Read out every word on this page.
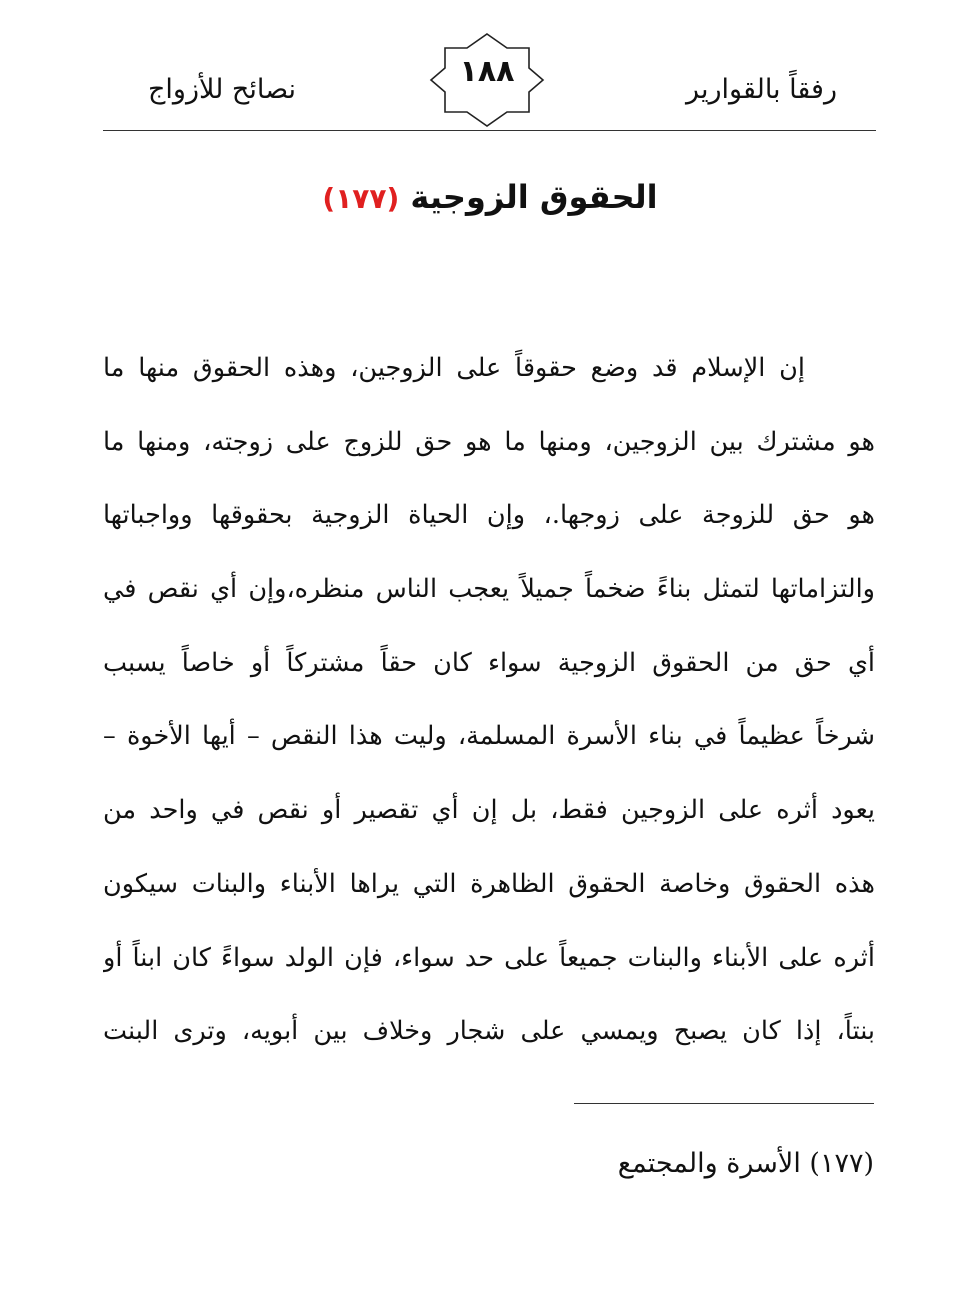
رفقاً بالقوارير
١٨٨
نصائح للأزواج
الحقوق الزوجية (١٧٧)
إن الإسلام قد وضع حقوقاً على الزوجين، وهذه الحقوق منها ما
هو مشترك بين الزوجين، ومنها ما هو حق للزوج على زوجته، ومنها ما
هو حق للزوجة على زوجها.، وإن الحياة الزوجية بحقوقها وواجباتها
والتزاماتها لتمثل بناءً ضخماً جميلاً يعجب الناس منظره،وإن أي نقص في
أي حق من الحقوق الزوجية سواء كان حقاً مشتركاً أو خاصاً يسبب
شرخاً عظيماً في بناء الأسرة المسلمة، وليت هذا النقص – أيها الأخوة –
يعود أثره على الزوجين فقط، بل إن أي تقصير أو نقص في واحد من
هذه الحقوق وخاصة الحقوق الظاهرة التي يراها الأبناء والبنات سيكون
أثره على الأبناء والبنات جميعاً على حد سواء، فإن الولد سواءً كان ابناً أو
بنتاً، إذا كان يصبح ويمسي على شجار وخلاف بين أبويه، وترى البنت
(١٧٧) الأسرة والمجتمع
